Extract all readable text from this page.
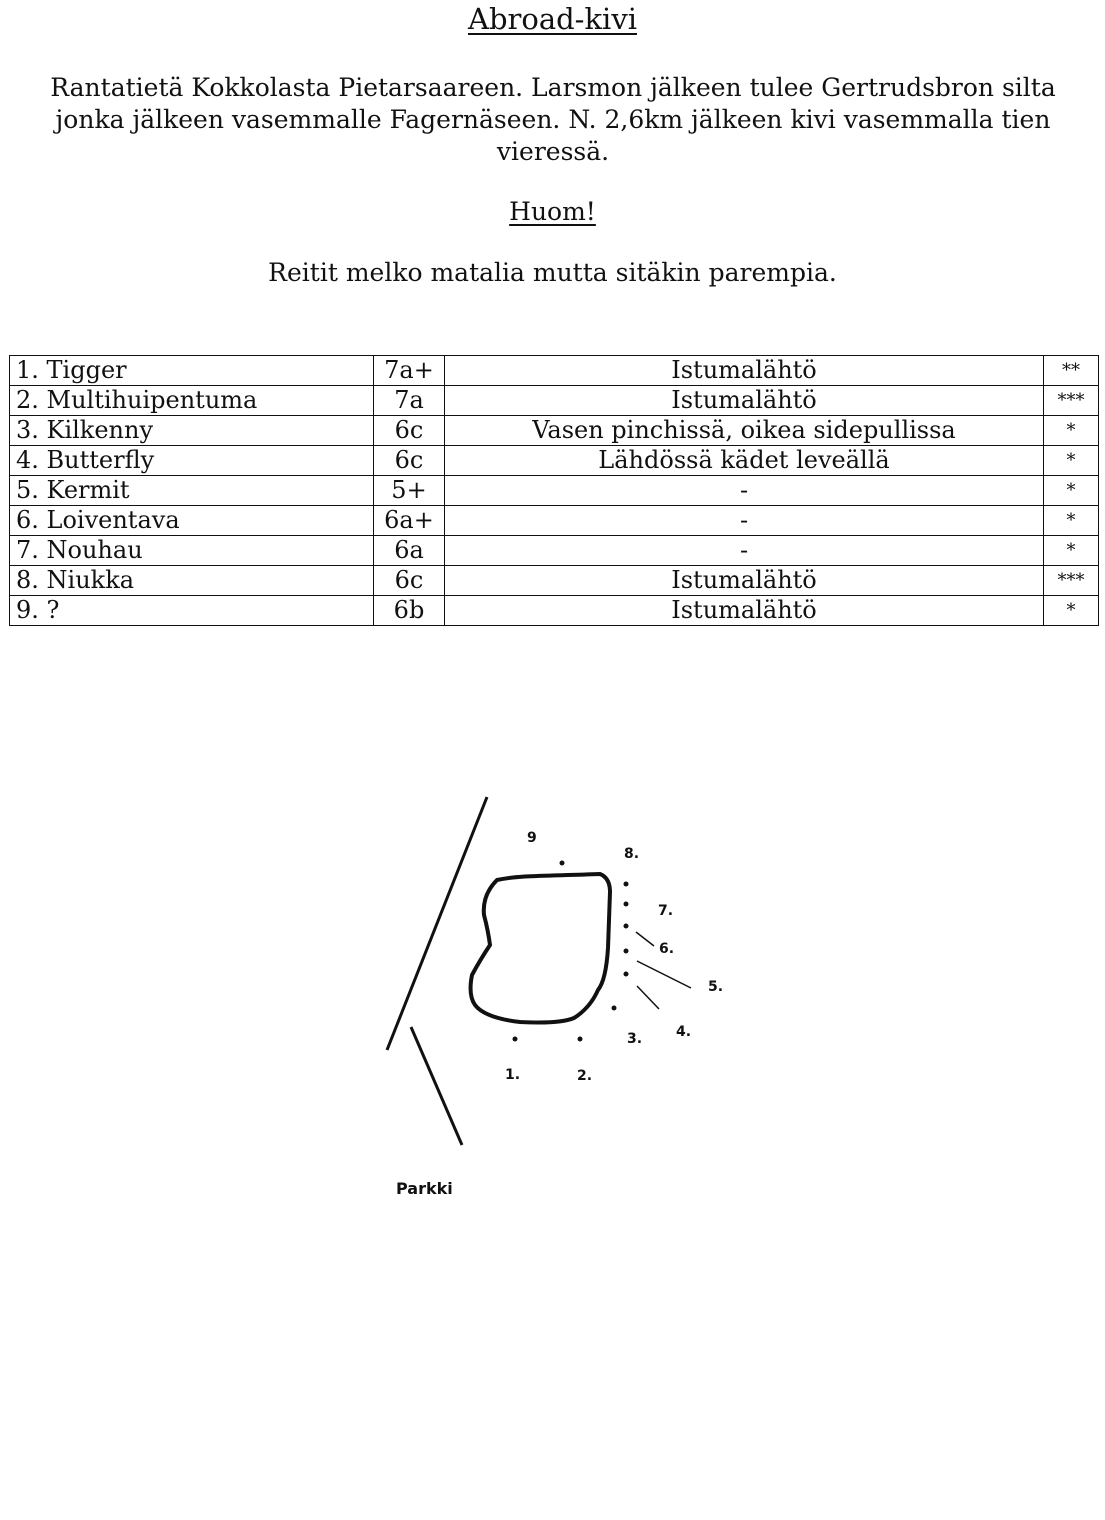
Abroad-kivi
Rantatietä Kokkolasta Pietarsaareen. Larsmon jälkeen tulee Gertrudsbron silta jonka jälkeen vasemmalle Fagernäseen. N. 2,6km jälkeen kivi vasemmalla tien vieressä.
Huom!
Reitit melko matalia mutta sitäkin parempia.
1. Tigger	7a+	Istumalähtö	**
2. Multihuipentuma	7a	Istumalähtö	***
3. Kilkenny	6c	Vasen pinchissä, oikea sidepullissa	*
4. Butterfly	6c	Lähdössä kädet leveällä	*
5. Kermit	5+	-	*
6. Loiventava	6a+	-	*
7. Nouhau	6a	-	*
8. Niukka	6c	Istumalähtö	***
9. ?	6b	Istumalähtö	*
9
8.
7.
6.
5.
4.
3.
1.	2.
Parkki
